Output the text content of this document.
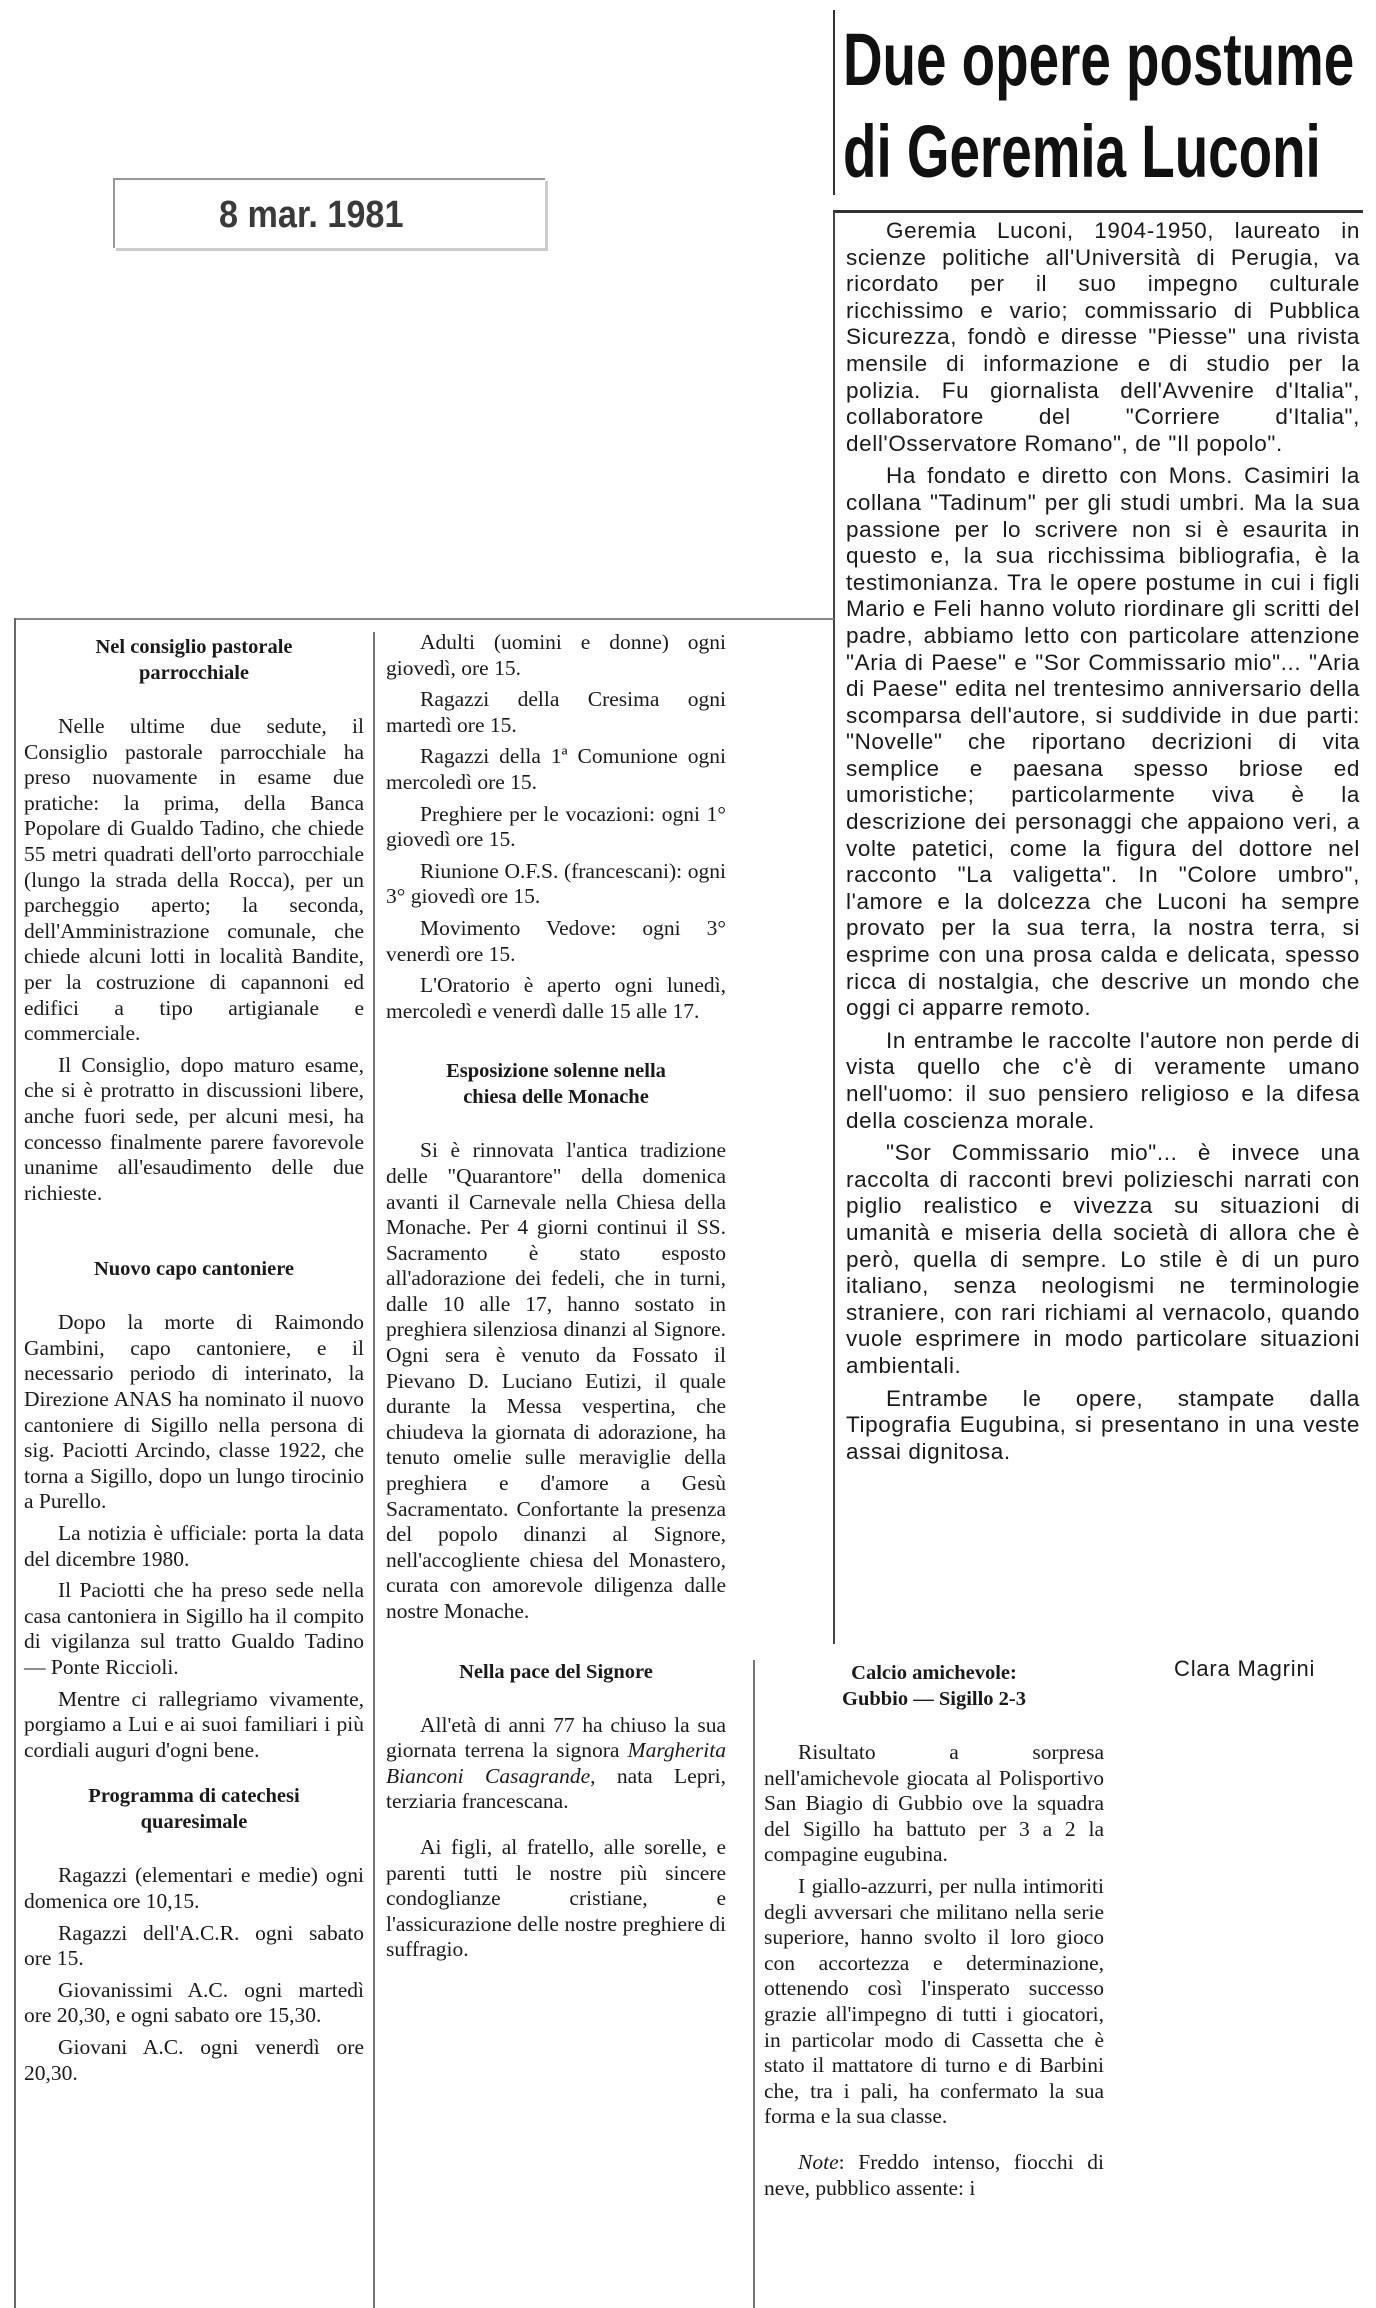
8 mar. 1981
Due opere postume
di Geremia Luconi

Geremia Luconi, 1904-1950, laureato in scienze politiche all'Università di Perugia, va ricordato per il suo impegno culturale ricchissimo e vario; commissario di Pubblica Sicurezza, fondò e diresse "Piesse" una rivista mensile di informazione e di studio per la polizia. Fu giornalista dell'Avvenire d'Italia", collaboratore del "Corriere d'Italia", dell'Osservatore Romano", de "Il popolo".

Ha fondato e diretto con Mons. Casimiri la collana "Tadinum" per gli studi umbri. Ma la sua passione per lo scrivere non si è esaurita in questo e, la sua ricchissima bibliografia, è la testimonianza. Tra le opere postume in cui i figli Mario e Feli hanno voluto riordinare gli scritti del padre, abbiamo letto con particolare attenzione "Aria di Paese" e "Sor Commissario mio"... "Aria di Paese" edita nel trentesimo anniversario della scomparsa dell'autore, si suddivide in due parti: "Novelle" che riportano decrizioni di vita semplice e paesana spesso briose ed umoristiche; particolarmente viva è la descrizione dei personaggi che appaiono veri, a volte patetici, come la figura del dottore nel racconto "La valigetta". In "Colore umbro", l'amore e la dolcezza che Luconi ha sempre provato per la sua terra, la nostra terra, si esprime con una prosa calda e delicata, spesso ricca di nostalgia, che descrive un mondo che oggi ci apparre remoto.

In entrambe le raccolte l'autore non perde di vista quello che c'è di veramente umano nell'uomo: il suo pensiero religioso e la difesa della coscienza morale.

"Sor Commissario mio"... è invece una raccolta di racconti brevi polizieschi narrati con piglio realistico e vivezza su situazioni di umanità e miseria della società di allora che è però, quella di sempre. Lo stile è di un puro italiano, senza neologismi ne terminologie straniere, con rari richiami al vernacolo, quando vuole esprimere in modo particolare situazioni ambientali.

Entrambe le opere, stampate dalla Tipografia Eugubina, si presentano in una veste assai dignitosa.

Clara Magrini
Nel consiglio pastorale
parrocchiale

Nelle ultime due sedute, il Consiglio pastorale parrocchiale ha preso nuovamente in esame due pratiche: la prima, della Banca Popolare di Gualdo Tadino, che chiede 55 metri quadrati dell'orto parrocchiale (lungo la strada della Rocca), per un parcheggio aperto; la seconda, dell'Amministrazione comunale, che chiede alcuni lotti in località Bandite, per la costruzione di capannoni ed edifici a tipo artigianale e commerciale.

Il Consiglio, dopo maturo esame, che si è protratto in discussioni libere, anche fuori sede, per alcuni mesi, ha concesso finalmente parere favorevole unanime all'esaudimento delle due richieste.

Nuovo capo cantoniere

Dopo la morte di Raimondo Gambini, capo cantoniere, e il necessario periodo di interinato, la Direzione ANAS ha nominato il nuovo cantoniere di Sigillo nella persona di sig. Paciotti Arcindo, classe 1922, che torna a Sigillo, dopo un lungo tirocinio a Purello.

La notizia è ufficiale: porta la data del dicembre 1980.

Il Paciotti che ha preso sede nella casa cantoniera in Sigillo ha il compito di vigilanza sul tratto Gualdo Tadino — Ponte Riccioli.

Mentre ci rallegriamo vivamente, porgiamo a Lui e ai suoi familiari i più cordiali auguri d'ogni bene.

Programma di catechesi
quaresimale

Ragazzi (elementari e medie) ogni domenica ore 10,15.

Ragazzi dell'A.C.R. ogni sabato ore 15.

Giovanissimi A.C. ogni martedì ore 20,30, e ogni sabato ore 15,30.

Giovani A.C. ogni venerdì ore 20,30.

Adulti (uomini e donne) ogni giovedì, ore 15.

Ragazzi della Cresima ogni martedì ore 15.

Ragazzi della 1ª Comunione ogni mercoledì ore 15.

Preghiere per le vocazioni: ogni 1° giovedì ore 15.

Riunione O.F.S. (francescani): ogni 3° giovedì ore 15.

Movimento Vedove: ogni 3° venerdì ore 15.

L'Oratorio è aperto ogni lunedì, mercoledì e venerdì dalle 15 alle 17.

Esposizione solenne nella
chiesa delle Monache

Si è rinnovata l'antica tradizione delle "Quarantore" della domenica avanti il Carnevale nella Chiesa della Monache. Per 4 giorni continui il SS. Sacramento è stato esposto all'adorazione dei fedeli, che in turni, dalle 10 alle 17, hanno sostato in preghiera silenziosa dinanzi al Signore. Ogni sera è venuto da Fossato il Pievano D. Luciano Eutizi, il quale durante la Messa vespertina, che chiudeva la giornata di adorazione, ha tenuto omelie sulle meraviglie della preghiera e d'amore a Gesù Sacramentato. Confortante la presenza del popolo dinanzi al Signore, nell'accogliente chiesa del Monastero, curata con amorevole diligenza dalle nostre Monache.

Nella pace del Signore

All'età di anni 77 ha chiuso la sua giornata terrena la signora Margherita Bianconi Casagrande, nata Lepri, terziaria francescana.

Ai figli, al fratello, alle sorelle, e parenti tutti le nostre più sincere condoglianze cristiane, e l'assicurazione delle nostre preghiere di suffragio.

Calcio amichevole:
Gubbio — Sigillo 2-3

Risultato a sorpresa nell'amichevole giocata al Polisportivo San Biagio di Gubbio ove la squadra del Sigillo ha battuto per 3 a 2 la compagine eugubina.

I giallo-azzurri, per nulla intimoriti degli avversari che militano nella serie superiore, hanno svolto il loro gioco con accortezza e determinazione, ottenendo così l'insperato successo grazie all'impegno di tutti i giocatori, in particolar modo di Cassetta che è stato il mattatore di turno e di Barbini che, tra i pali, ha confermato la sua forma e la sua classe.

Note: Freddo intenso, fiocchi di neve, pubblico assente: i
